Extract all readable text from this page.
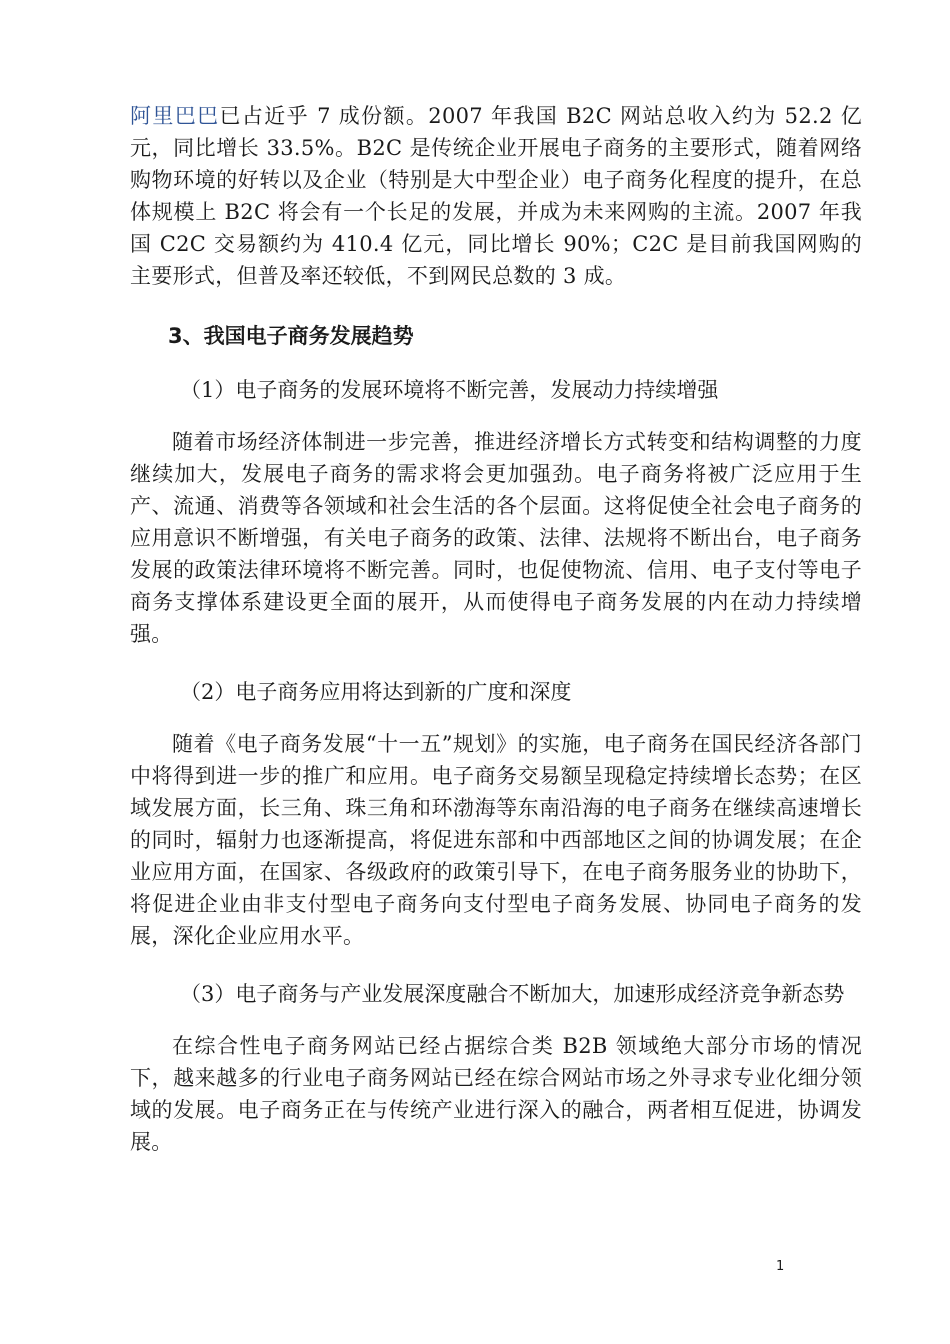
阿里巴巴已占近乎 7 成份额。2007 年我国 B2C 网站总收入约为 52.2 亿元，同比增长 33.5%。B2C 是传统企业开展电子商务的主要形式，随着网络购物环境的好转以及企业（特别是大中型企业）电子商务化程度的提升，在总体规模上 B2C 将会有一个长足的发展，并成为未来网购的主流。2007 年我国 C2C 交易额约为 410.4 亿元，同比增长 90%；C2C 是目前我国网购的主要形式，但普及率还较低，不到网民总数的 3 成。

3、我国电子商务发展趋势

（1）电子商务的发展环境将不断完善，发展动力持续增强

随着市场经济体制进一步完善，推进经济增长方式转变和结构调整的力度继续加大，发展电子商务的需求将会更加强劲。电子商务将被广泛应用于生产、流通、消费等各领域和社会生活的各个层面。这将促使全社会电子商务的应用意识不断增强，有关电子商务的政策、法律、法规将不断出台，电子商务发展的政策法律环境将不断完善。同时，也促使物流、信用、电子支付等电子商务支撑体系建设更全面的展开，从而使得电子商务发展的内在动力持续增强。

（2）电子商务应用将达到新的广度和深度

随着《电子商务发展“十一五”规划》的实施，电子商务在国民经济各部门中将得到进一步的推广和应用。电子商务交易额呈现稳定持续增长态势；在区域发展方面，长三角、珠三角和环渤海等东南沿海的电子商务在继续高速增长的同时，辐射力也逐渐提高，将促进东部和中西部地区之间的协调发展；在企业应用方面，在国家、各级政府的政策引导下，在电子商务服务业的协助下，将促进企业由非支付型电子商务向支付型电子商务发展、协同电子商务的发展，深化企业应用水平。

（3）电子商务与产业发展深度融合不断加大，加速形成经济竞争新态势

在综合性电子商务网站已经占据综合类 B2B 领域绝大部分市场的情况下，越来越多的行业电子商务网站已经在综合网站市场之外寻求专业化细分领域的发展。电子商务正在与传统产业进行深入的融合，两者相互促进，协调发展。

1
